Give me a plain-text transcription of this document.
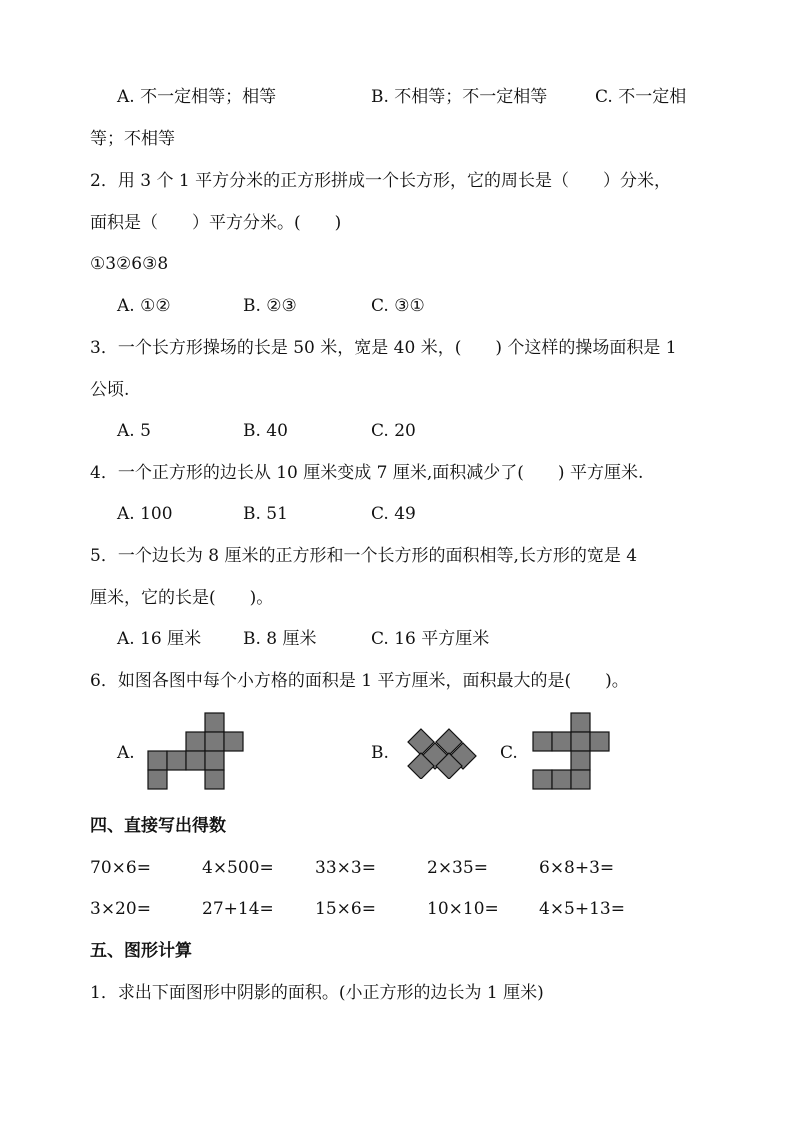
A. 不一定相等；相等	B. 不相等；不一定相等	C. 不一定相
等；不相等
2．用 3 个 1 平方分米的正方形拼成一个长方形，它的周长是（　　）分米，
面积是（　　）平方分米。(　　)
①3②6③8
A. ①②	B. ②③	C. ③①
3．一个长方形操场的长是 50 米，宽是 40 米，(　　) 个这样的操场面积是 1
公顷.
A. 5	B. 40	C. 20
4．一个正方形的边长从 10 厘米变成 7 厘米,面积减少了(　　) 平方厘米.
A. 100	B. 51	C. 49
5．一个边长为 8 厘米的正方形和一个长方形的面积相等,长方形的宽是 4
厘米，它的长是(　　)。
A. 16 厘米 B. 8 厘米	C. 16 平方厘米
6．如图各图中每个小方格的面积是 1 平方厘米，面积最大的是(　　)。
A.	B.	C.
四、直接写出得数
70×6=	4×500= 33×3=	2×35=	6×8+3=
3×20=	27+14= 15×6=	10×10= 4×5+13=
五、图形计算
1．求出下面图形中阴影的面积。(小正方形的边长为 1 厘米)
